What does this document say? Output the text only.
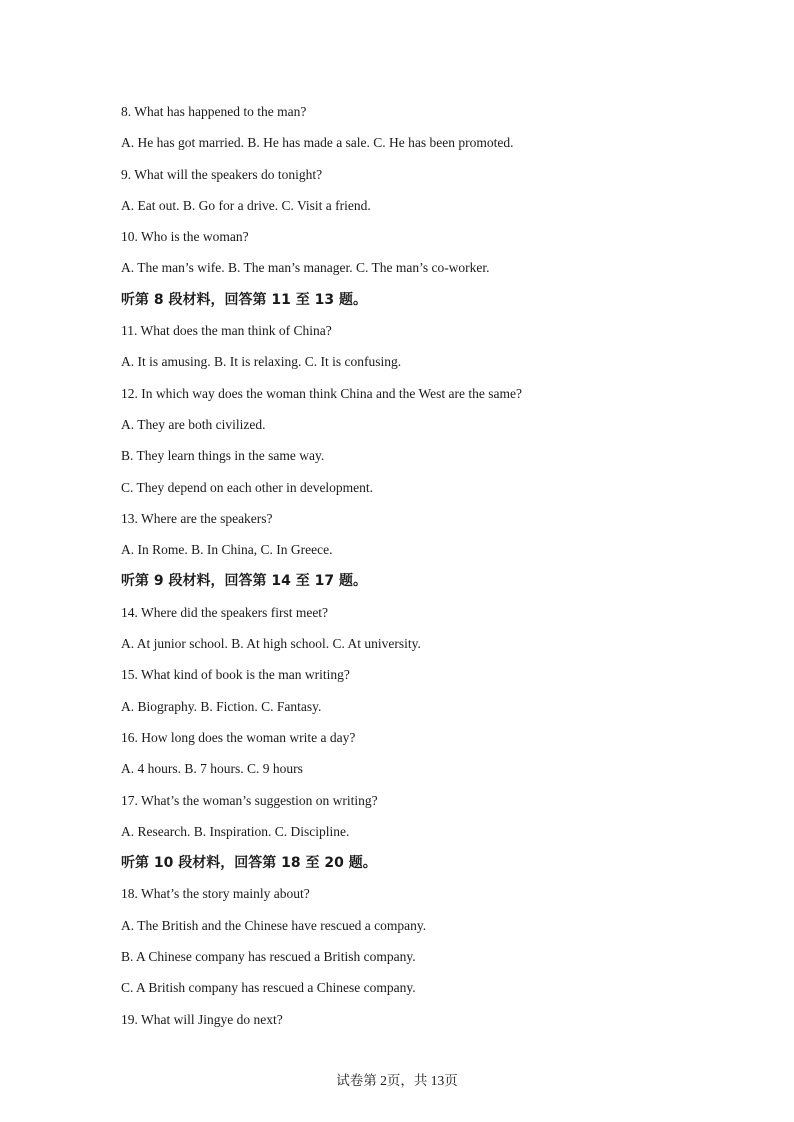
8. What has happened to the man?
A. He has got married. B. He has made a sale. C. He has been promoted.
9. What will the speakers do tonight?
A. Eat out. B. Go for a drive. C. Visit a friend.
10. Who is the woman?
A. The man’s wife. B. The man’s manager. C. The man’s co-worker.
听第 8 段材料，回答第 11 至 13 题。
11. What does the man think of China?
A. It is amusing. B. It is relaxing. C. It is confusing.
12. In which way does the woman think China and the West are the same?
A. They are both civilized.
B. They learn things in the same way.
C. They depend on each other in development.
13. Where are the speakers?
A. In Rome. B. In China, C. In Greece.
听第 9 段材料，回答第 14 至 17 题。
14. Where did the speakers first meet?
A. At junior school. B. At high school. C. At university.
15. What kind of book is the man writing?
A. Biography. B. Fiction. C. Fantasy.
16. How long does the woman write a day?
A. 4 hours. B. 7 hours. C. 9 hours
17. What’s the woman’s suggestion on writing?
A. Research. B. Inspiration. C. Discipline.
听第 10 段材料，回答第 18 至 20 题。
18. What’s the story mainly about?
A. The British and the Chinese have rescued a company.
B. A Chinese company has rescued a British company.
C. A British company has rescued a Chinese company.
19. What will Jingye do next?
试卷第 2页，共 13页
